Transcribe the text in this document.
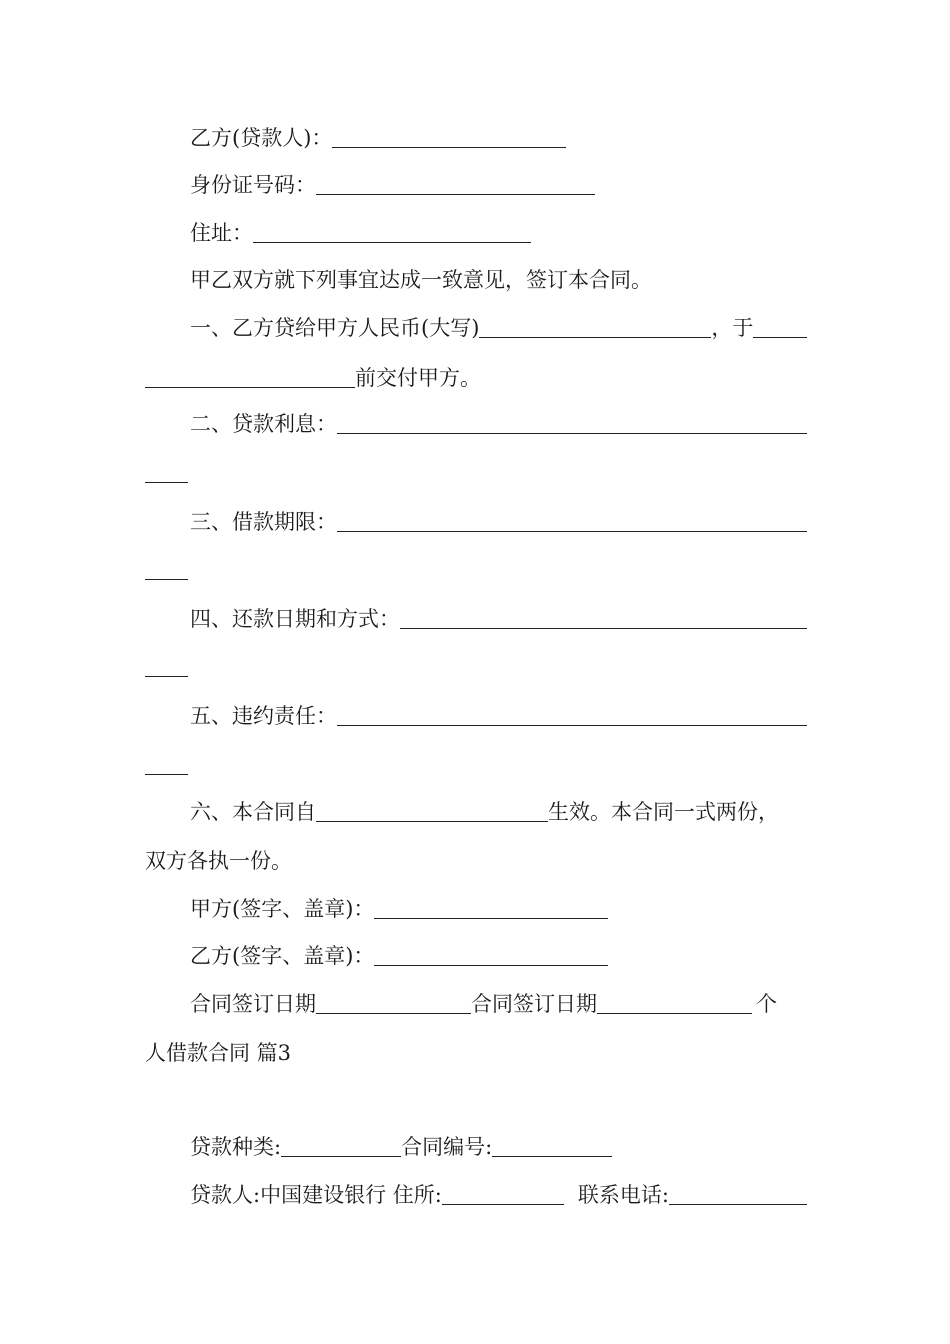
乙方(贷款人)：
身份证号码：
住址：
甲乙双方就下列事宜达成一致意见，签订本合同。
一、乙方贷给甲方人民币(大写)	，于
前交付甲方。
二、贷款利息：
三、借款期限：
四、还款日期和方式：
五、违约责任：
六、本合同自	生效。本合同一式两份，
双方各执一份。
甲方(签字、盖章)：
乙方(签字、盖章)：
合同签订日期	合同签订日期	个
人借款合同 篇3
贷款种类:	合同编号:
贷款人:中国建设银行 住所:	联系电话:
